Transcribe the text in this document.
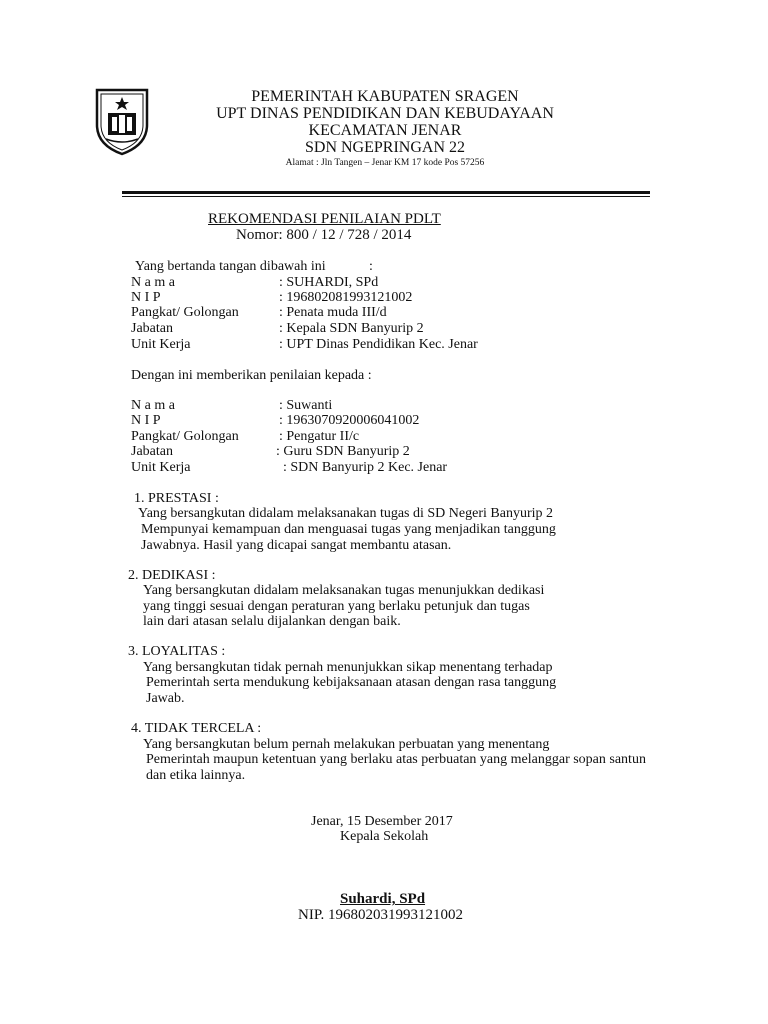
PEMERINTAH KABUPATEN SRAGEN
UPT DINAS PENDIDIKAN DAN KEBUDAYAAN
KECAMATAN JENAR
SDN NGEPRINGAN 22
Alamat : Jln Tangen – Jenar KM 17 kode Pos 57256
REKOMENDASI PENILAIAN PDLT
Nomor: 800 / 12 / 728 / 2014
Yang bertanda tangan dibawah ini	:
N a m a	: SUHARDI, SPd
N I P	: 196802081993121002
Pangkat/ Golongan	: Penata muda III/d
Jabatan	: Kepala SDN Banyurip 2
Unit Kerja	: UPT Dinas Pendidikan Kec. Jenar
Dengan ini memberikan penilaian kepada :
N a m a	: Suwanti
N I P	: 1963070920006041002
Pangkat/ Golongan	: Pengatur II/c
Jabatan	: Guru SDN Banyurip 2
Unit Kerja	: SDN Banyurip 2 Kec. Jenar
1. PRESTASI :
Yang bersangkutan didalam melaksanakan tugas di SD Negeri Banyurip 2
Mempunyai kemampuan dan menguasai tugas yang menjadikan tanggung
Jawabnya. Hasil yang dicapai sangat membantu atasan.
2. DEDIKASI :
Yang bersangkutan didalam melaksanakan tugas menunjukkan dedikasi
yang tinggi sesuai dengan peraturan yang berlaku petunjuk dan tugas
lain dari atasan selalu dijalankan dengan baik.
3. LOYALITAS :
Yang bersangkutan tidak pernah menunjukkan sikap menentang terhadap
Pemerintah serta mendukung kebijaksanaan atasan dengan rasa tanggung
Jawab.
4. TIDAK TERCELA :
Yang bersangkutan belum pernah melakukan perbuatan yang menentang
Pemerintah maupun ketentuan yang berlaku atas perbuatan yang melanggar sopan santun
dan etika lainnya.
Jenar, 15 Desember 2017
Kepala Sekolah
Suhardi, SPd
NIP. 196802031993121002
